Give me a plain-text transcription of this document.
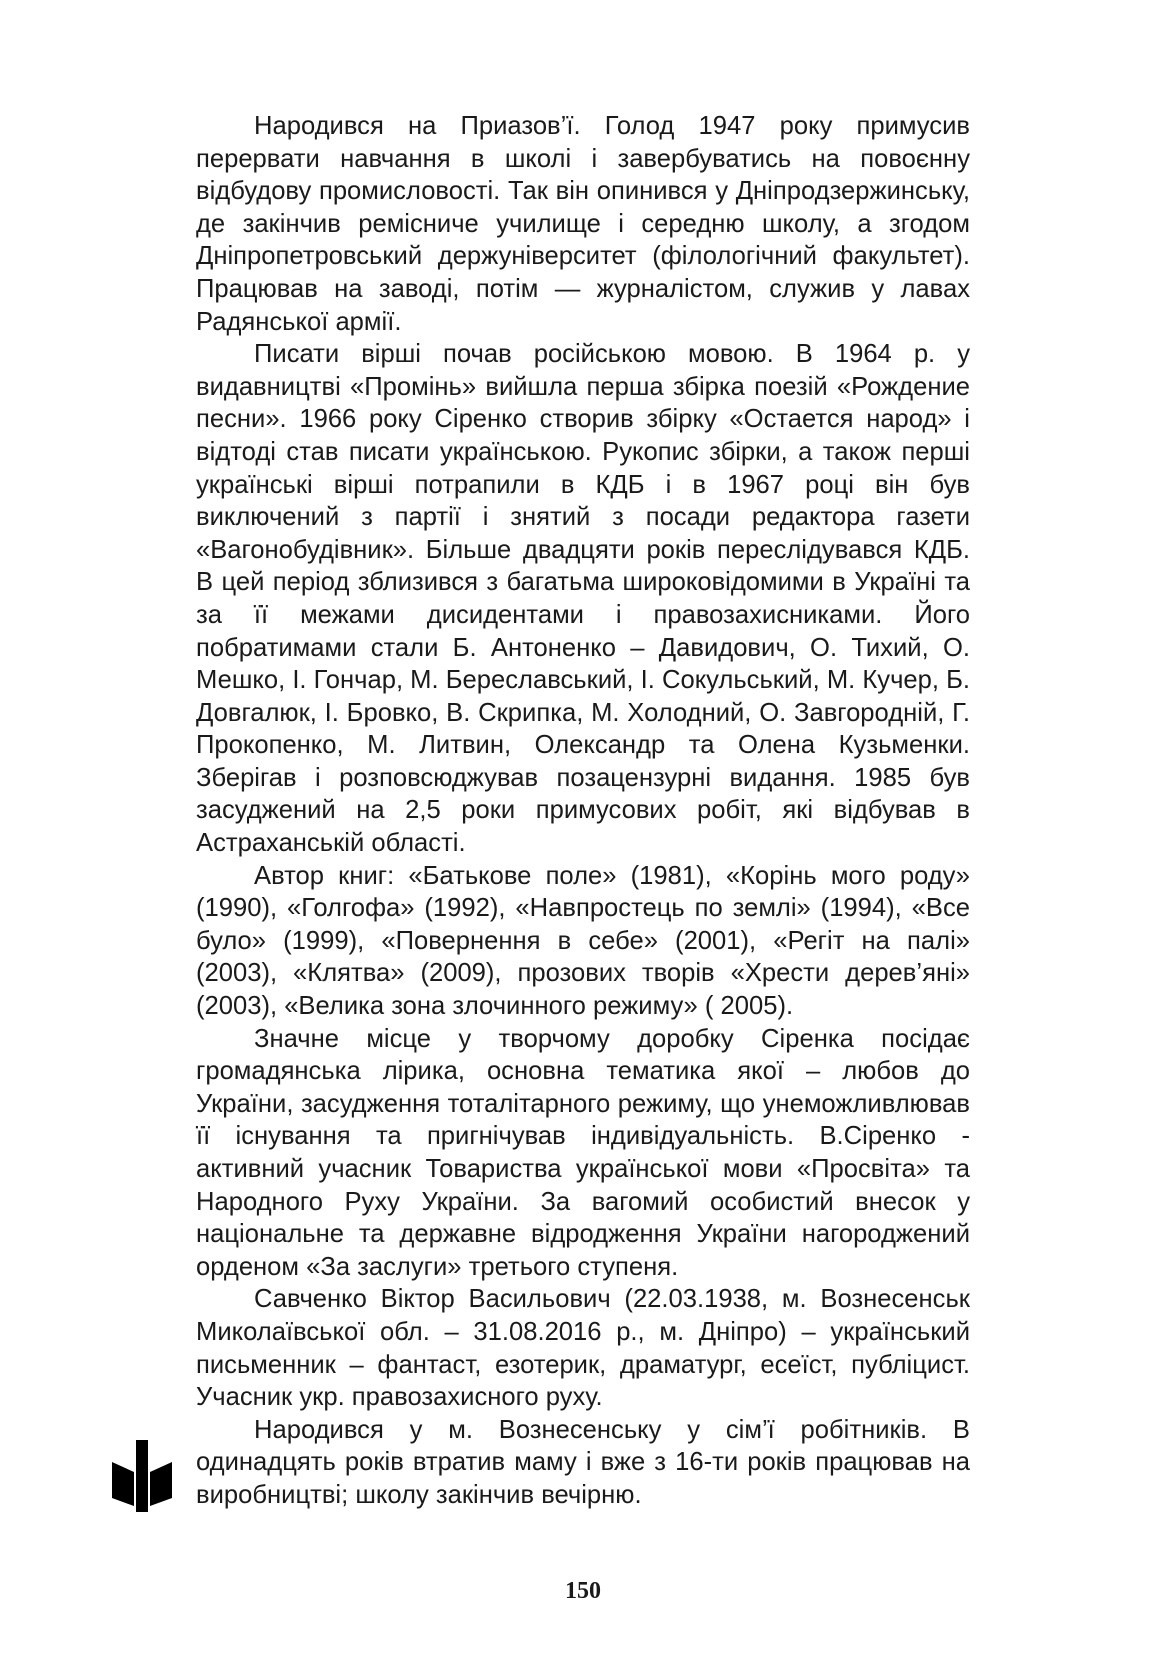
Народився на Приазов’ї. Голод 1947 року примусив перервати навчання в школі і завербуватись на повоєнну відбудову промисловості. Так він опинився у Дніпродзержинську, де закінчив ремісниче училище і середню школу, а згодом Дніпропетровський держуніверситет (філологічний факультет). Працював на заводі, потім — журналістом, служив у лавах Радянської армії.

Писати вірші почав російською мовою. В 1964 р. у видавництві «Промінь» вийшла перша збірка поезій «Рождение песни». 1966 року Сіренко створив збірку «Остается народ» і відтоді став писати українською. Рукопис збірки, а також перші українські вірші потрапили в КДБ і в 1967 році він був виключений з партії і знятий з посади редактора газети «Вагонобудівник». Більше двадцяти років переслідувався КДБ. В цей період зблизився з багатьма широковідомими в Україні та за її межами дисидентами і правозахисниками. Його побратимами стали Б. Антоненко – Давидович, О. Тихий, О. Мешко, І. Гончар, М. Береславський, І. Сокульський, М. Кучер, Б. Довгалюк, І. Бровко, В. Скрипка, М. Холодний, О. Завгородній, Г. Прокопенко, М. Литвин, Олександр та Олена Кузьменки. Зберігав і розповсюджував позацензурні видання. 1985 був засуджений на 2,5 роки примусових робіт, які відбував в Астраханській області.

Автор книг: «Батькове поле» (1981), «Корінь мого роду» (1990), «Голгофа» (1992), «Навпростець по землі» (1994), «Все було» (1999), «Повернення в себе» (2001), «Регіт на палі» (2003), «Клятва» (2009), прозових творів «Хрести дерев’яні» (2003), «Велика зона злочинного режиму» ( 2005).

Значне місце у творчому доробку Сіренка посідає громадянська лірика, основна тематика якої – любов до України, засудження тоталітарного режиму, що унеможливлював її існування та пригнічував індивідуальність. В.Сіренко - активний учасник Товариства української мови «Просвіта» та Народного Руху України. За вагомий особистий внесок у національне та державне відродження України нагороджений орденом «За заслуги» третього ступеня.

Савченко Віктор Васильович (22.03.1938, м. Вознесенськ Миколаївської обл. – 31.08.2016 р., м. Дніпро) – український письменник – фантаст, езотерик, драматург, есеїст, публіцист. Учасник укр. правозахисного руху.

Народився у м. Вознесенську у сім’ї робітників. В одинадцять років втратив маму і вже з 16-ти років працював на виробництві; школу закінчив вечірню.

150
